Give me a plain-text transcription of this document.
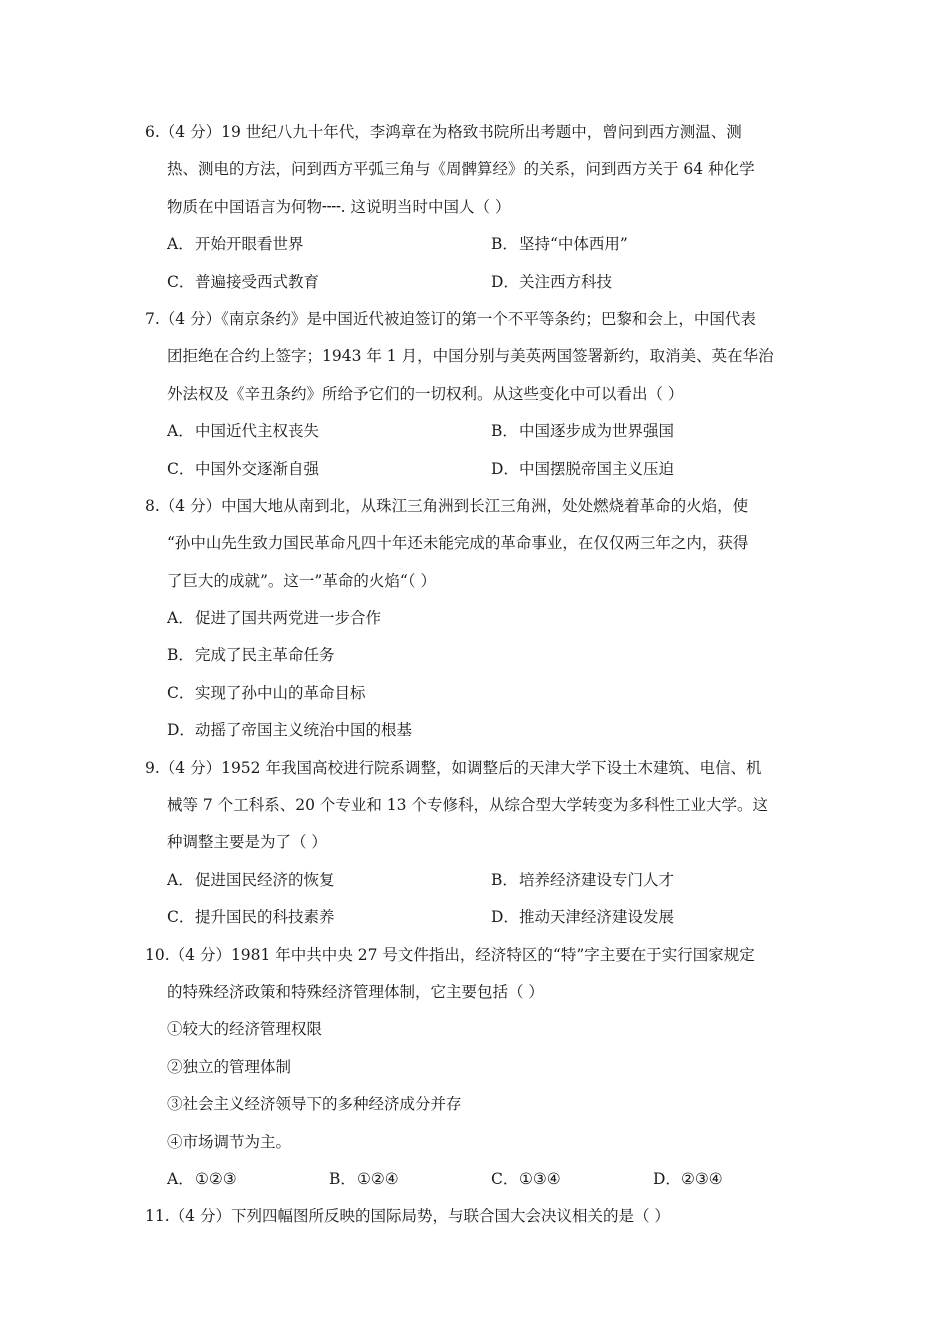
6.（4 分）19 世纪八九十年代，李鸿章在为格致书院所出考题中，曾问到西方测温、测
热、测电的方法，问到西方平弧三角与《周髀算经》的关系，问到西方关于 64 种化学
物质在中国语言为何物╌╌. 这说明当时中国人（ ）
A．开始开眼看世界	B．坚持“中体西用”
C．普遍接受西式教育	D．关注西方科技
7.（4 分）《南京条约》是中国近代被迫签订的第一个不平等条约；巴黎和会上，中国代表
团拒绝在合约上签字；1943 年 1 月，中国分别与美英两国签署新约，取消美、英在华治
外法权及《辛丑条约》所给予它们的一切权利。从这些变化中可以看出（ ）
A．中国近代主权丧失	B．中国逐步成为世界强国
C．中国外交逐渐自强	D．中国摆脱帝国主义压迫
8.（4 分）中国大地从南到北，从珠江三角洲到长江三角洲，处处燃烧着革命的火焰，使
“孙中山先生致力国民革命凡四十年还未能完成的革命事业，在仅仅两三年之内，获得
了巨大的成就”。这一”革命的火焰“（ ）
A．促进了国共两党进一步合作
B．完成了民主革命任务
C．实现了孙中山的革命目标
D．动摇了帝国主义统治中国的根基
9.（4 分）1952 年我国高校进行院系调整，如调整后的天津大学下设土木建筑、电信、机
械等 7 个工科系、20 个专业和 13 个专修科，从综合型大学转变为多科性工业大学。这
种调整主要是为了（ ）
A．促进国民经济的恢复	B．培养经济建设专门人才
C．提升国民的科技素养	D．推动天津经济建设发展
10.（4 分）1981 年中共中央 27 号文件指出，经济特区的“特”字主要在于实行国家规定
的特殊经济政策和特殊经济管理体制，它主要包括（ ）
①较大的经济管理权限
②独立的管理体制
③社会主义经济领导下的多种经济成分并存
④市场调节为主。
A．①②③	B．①②④	C．①③④	D．②③④
11.（4 分）下列四幅图所反映的国际局势，与联合国大会决议相关的是（ ）
